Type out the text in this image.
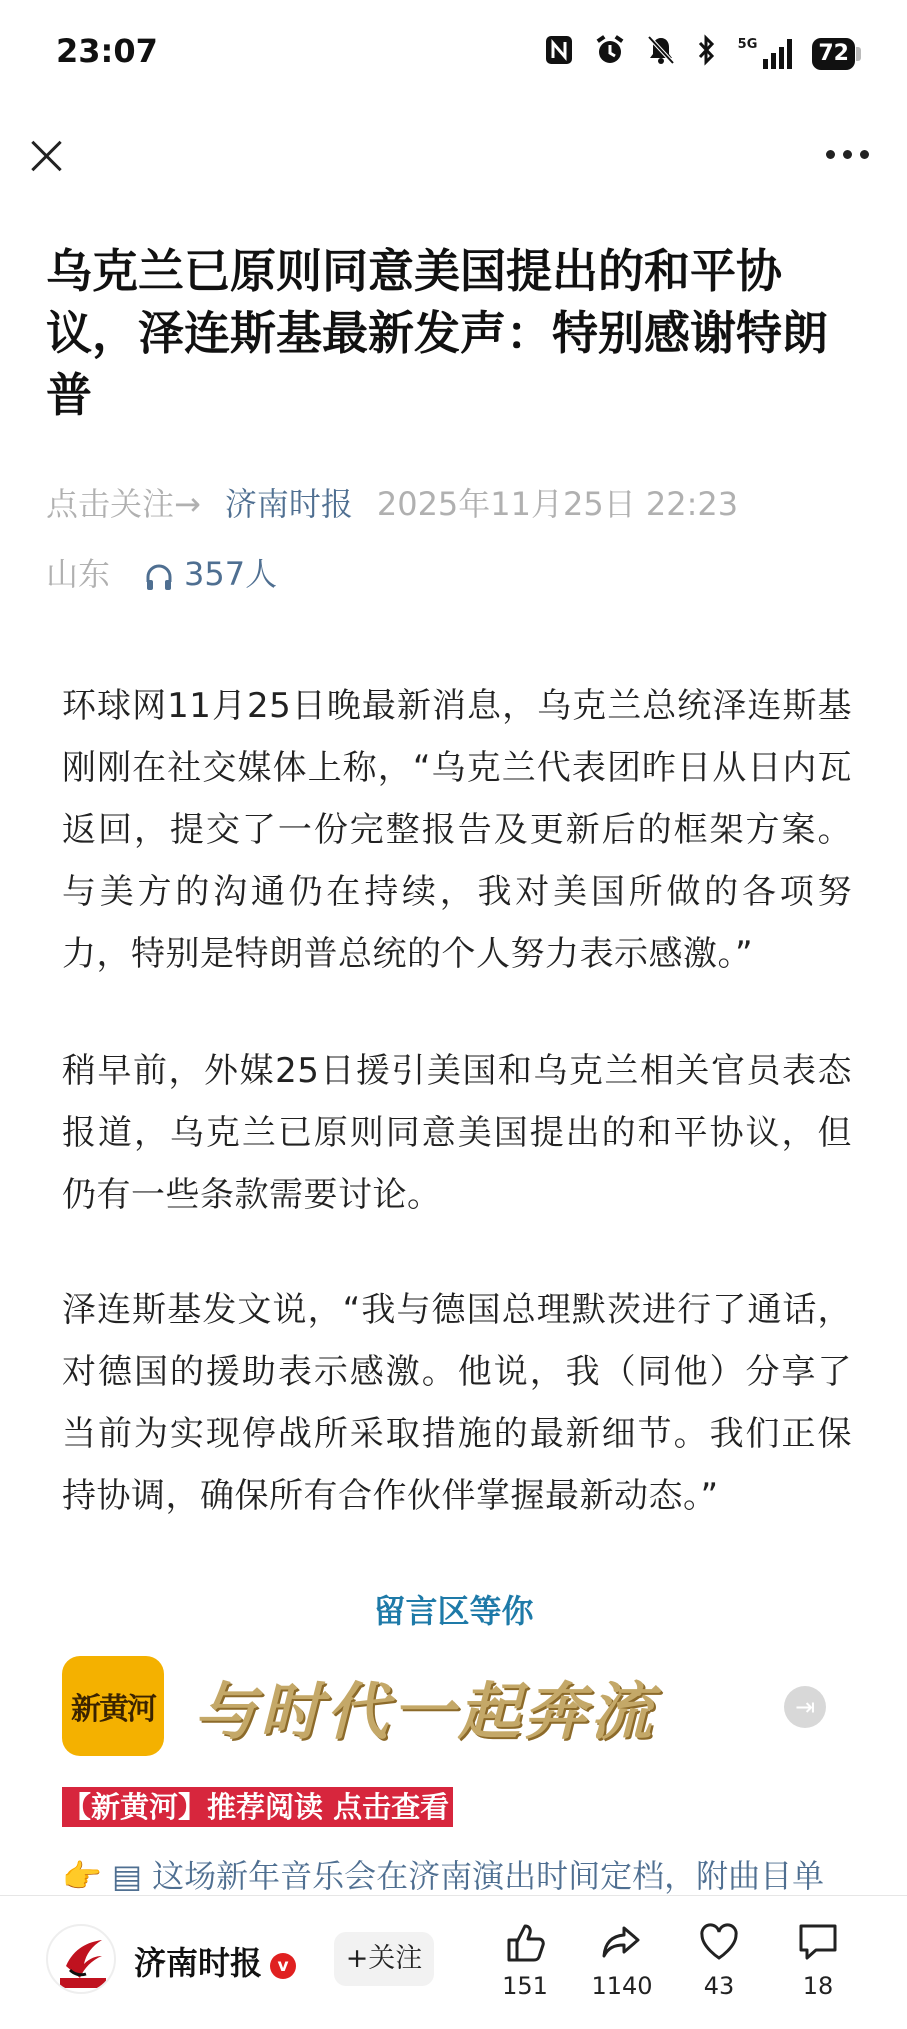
23:07	5G	72
乌克兰已原则同意美国提出的和平协议，泽连斯基最新发声：特别感谢特朗普
点击关注→ 济南时报 2025年11月25日 22:23
山东 357人

环球网11月25日晚最新消息，乌克兰总统泽连斯基刚刚在社交媒体上称，“乌克兰代表团昨日从日内瓦返回，提交了一份完整报告及更新后的框架方案。与美方的沟通仍在持续，我对美国所做的各项努力，特别是特朗普总统的个人努力表示感激。”

稍早前，外媒25日援引美国和乌克兰相关官员表态报道，乌克兰已原则同意美国提出的和平协议，但仍有一些条款需要讨论。

泽连斯基发文说，“我与德国总理默茨进行了通话，对德国的援助表示感激。他说，我（同他）分享了当前为实现停战所采取措施的最新细节。我们正保持协调，确保所有合作伙伴掌握最新动态。”

留言区等你
新黄河 与时代一起奔流	⇥
【新黄河】推荐阅读 点击查看
👉 ▤ 这场新年音乐会在济南演出时间定档，附曲目单
济南时报 v	+关注
151	1140	43	18
